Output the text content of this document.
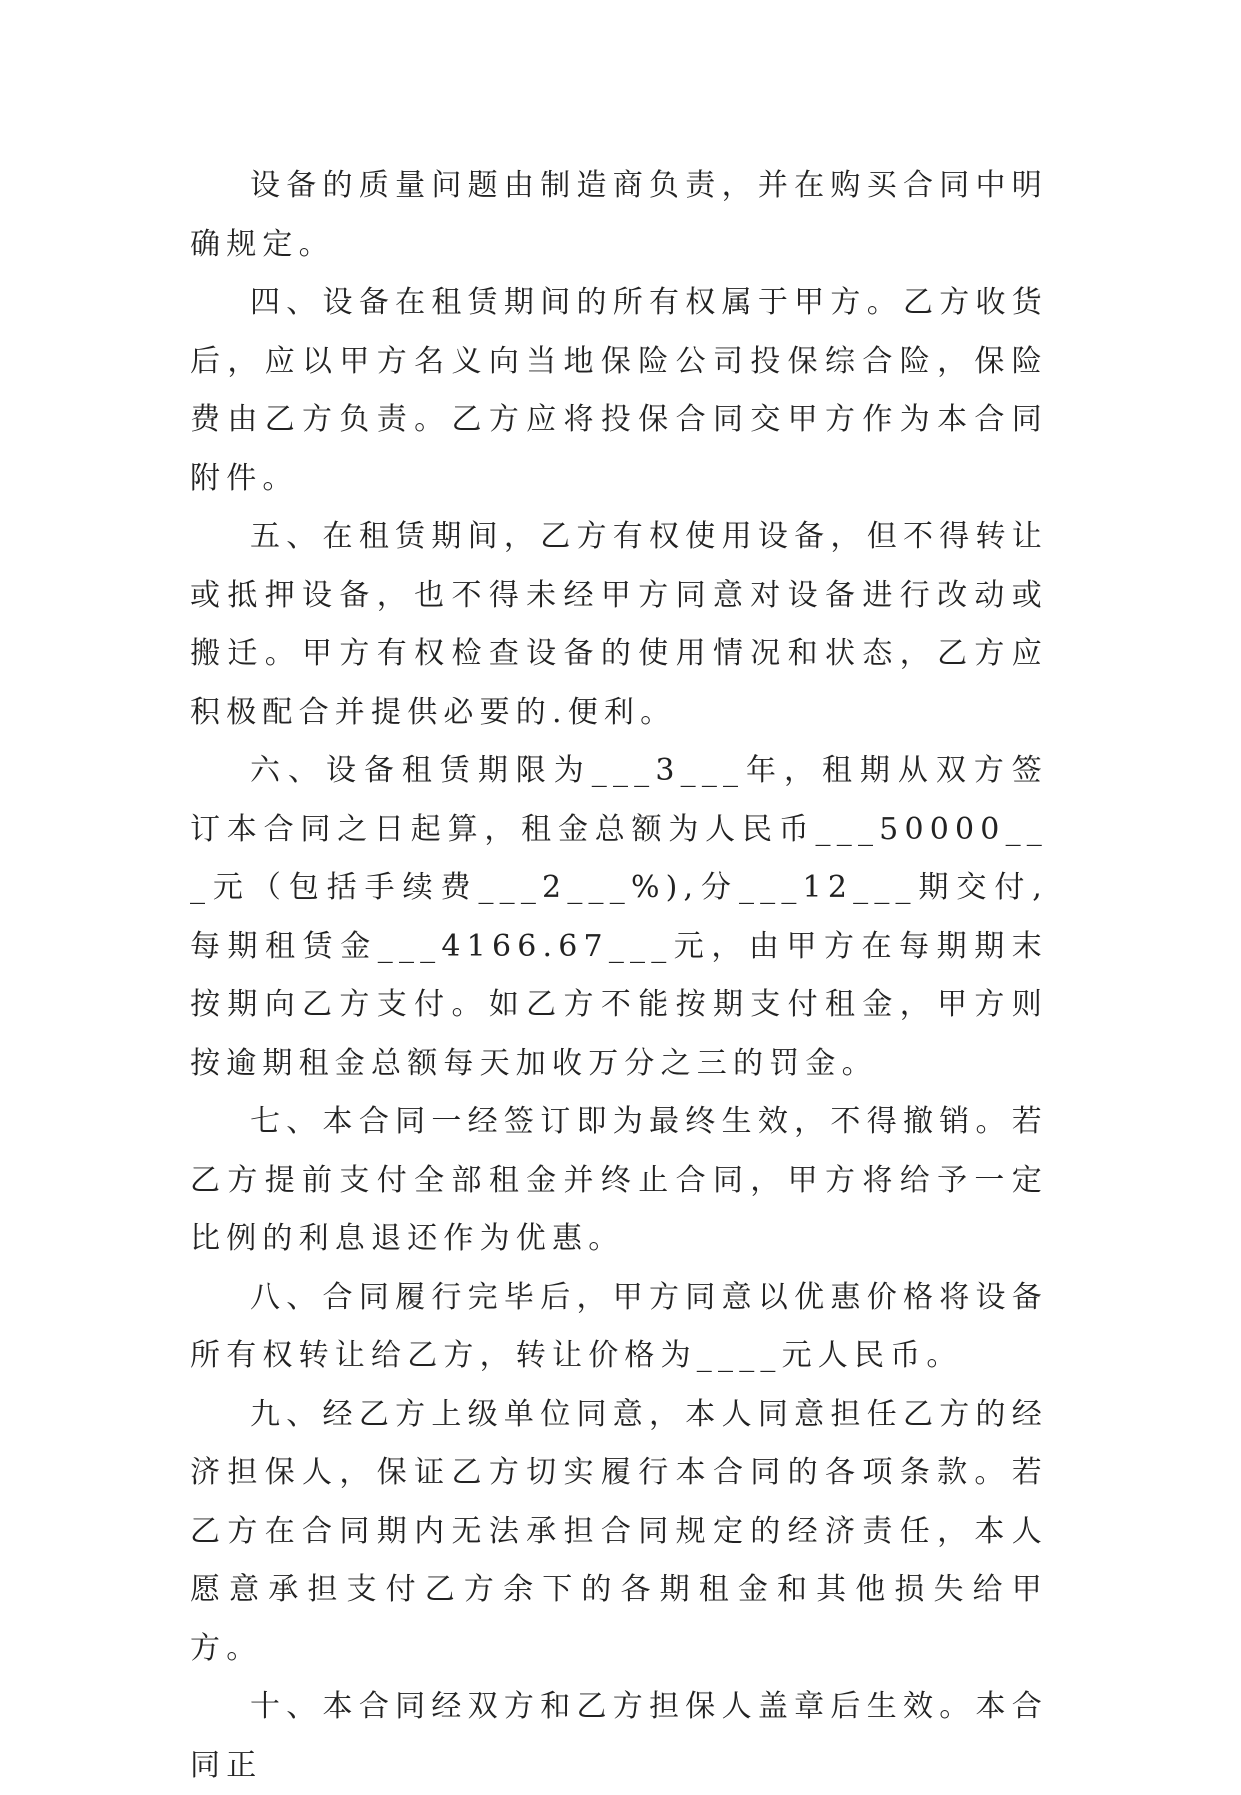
设备的质量问题由制造商负责，并在购买合同中明确规定。

四、设备在租赁期间的所有权属于甲方。乙方收货后，应以甲方名义向当地保险公司投保综合险，保险费由乙方负责。乙方应将投保合同交甲方作为本合同附件。

五、在租赁期间，乙方有权使用设备，但不得转让或抵押设备，也不得未经甲方同意对设备进行改动或搬迁。甲方有权检查设备的使用情况和状态，乙方应积极配合并提供必要的.便利。

六、设备租赁期限为___3___年，租期从双方签订本合同之日起算，租金总额为人民币___50000___元（包括手续费___2___%),分___12___期交付,每期租赁金___4166.67___元，由甲方在每期期末按期向乙方支付。如乙方不能按期支付租金，甲方则按逾期租金总额每天加收万分之三的罚金。

七、本合同一经签订即为最终生效，不得撤销。若乙方提前支付全部租金并终止合同，甲方将给予一定比例的利息退还作为优惠。

八、合同履行完毕后，甲方同意以优惠价格将设备所有权转让给乙方，转让价格为____元人民币。

九、经乙方上级单位同意，本人同意担任乙方的经济担保人，保证乙方切实履行本合同的各项条款。若乙方在合同期内无法承担合同规定的经济责任，本人愿意承担支付乙方余下的各期租金和其他损失给甲方。

十、本合同经双方和乙方担保人盖章后生效。本合同正
